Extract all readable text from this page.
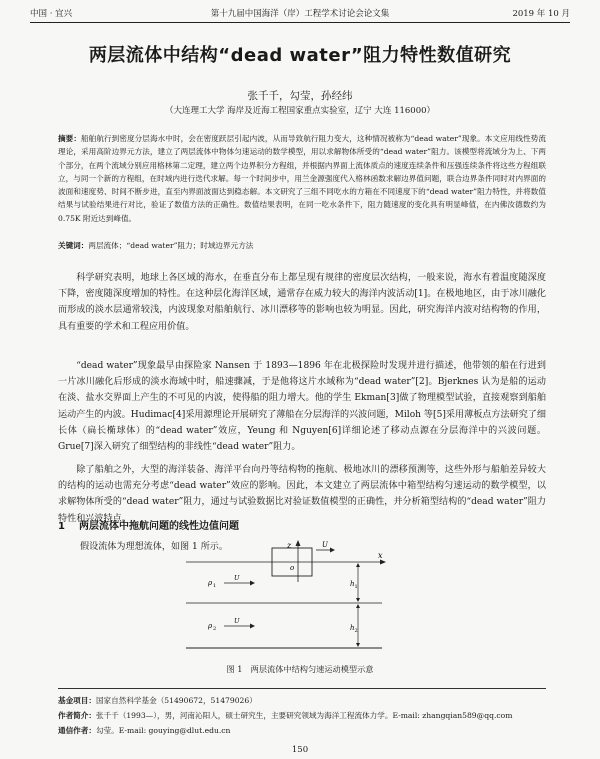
中国 · 宜兴	第十九届中国海洋（岸）工程学术讨论会论文集	2019 年 10 月
两层流体中结构“dead water”阻力特性数值研究
张千千，勾莹，孙经纬
（大连理工大学 海岸及近海工程国家重点实验室，辽宁 大连 116000）
摘要：船舶航行到密度分层海水中时，会在密度跃层引起内波，从而导致航行阻力变大，这种情况被称为“dead water”现象。本文应用线性势流理论，采用高阶边界元方法，建立了两层流体中物体匀速运动的数学模型，用以求解物体所受的“dead water”阻力。该模型将流域分为上、下两个部分，在两个流域分别应用格林第二定理，建立两个边界积分方程组，并根据内界面上流体质点的速度连续条件和压强连续条件将这些方程组联立，与同一个新的方程组，在时域内进行迭代求解。每一个时间步中，用兰金源强度代入格林函数求解边界值问题，联合边界条件同时对内界面的波面和速度势、时间不断步进，直至内界面波面达到稳态解。本文研究了三组不同吃水的方箱在不同速度下的“dead water”阻力特性，并将数值结果与试验结果进行对比，验证了数值方法的正确性。数值结果表明，在同一吃水条件下，阻力随速度的变化具有明显峰值，在内佛汝德数约为 0.75K 附近达到峰值。
关键词：两层流体；“dead water”阻力；时域边界元方法

科学研究表明，地球上各区域的海水，在垂直分布上都呈现有规律的密度层次结构，一般来说，海水有着温度随深度下降，密度随深度增加的特性。在这种层化海洋区域，通常存在威力较大的海洋内波活动[1]。在极地地区，由于冰川融化而形成的淡水层通常较浅，内波现象对船舶航行、冰川漂移等的影响也较为明显。因此，研究海洋内波对结构物的作用，具有重要的学术和工程应用价值。

“dead water”现象最早由探险家 Nansen 于 1893—1896 年在北极探险时发现并进行描述，他带领的船在行进到一片冰川融化后形成的淡水海域中时，船速骤减，于是他将这片水域称为“dead water”[2]。Bjerknes 认为是船的运动在淡、盐水交界面上产生的不可见的内波，使得船的阻力增大。他的学生 Ekman[3]做了物理模型试验，直接观察到船舶运动产生的内波。Hudimac[4]采用源理论开展研究了薄船在分层海洋的兴波问题，Miloh 等[5]采用薄板点方法研究了细长体（扁长椭球体）的“dead water”效应，Yeung 和 Nguyen[6]详细论述了移动点源在分层海洋中的兴波问题。Grue[7]深入研究了细型结构的非线性“dead water”阻力。

除了船舶之外，大型的海洋装备、海洋平台向丹等结构物的拖航、极地冰川的漂移预测等，这些外形与船舶差异较大的结构的运动也需充分考虑“dead water”效应的影响。因此，本文建立了两层流体中箱型结构匀速运动的数学模型，以求解物体所受的“dead water”阻力，通过与试验数据比对验证数值模型的正确性，并分析箱型结构的“dead water”阻力特性和兴波特点。

1 两层流体中拖航问题的线性边值问题
假设流体为理想流体，如图 1 所示。	z	U
x
o
ρ 1
U
ρ 2
U
h 1
h 2
图 1　两层流体中结构匀速运动模型示意
基金项目：国家自然科学基金（51490672，51479026）
作者简介：张千千（1993—），男，河南沁阳人，硕士研究生，主要研究领域为海洋工程流体力学。E-mail: zhangqian589@qq.com
通信作者：勾莹。E-mail: gouying@dlut.edu.cn
150
